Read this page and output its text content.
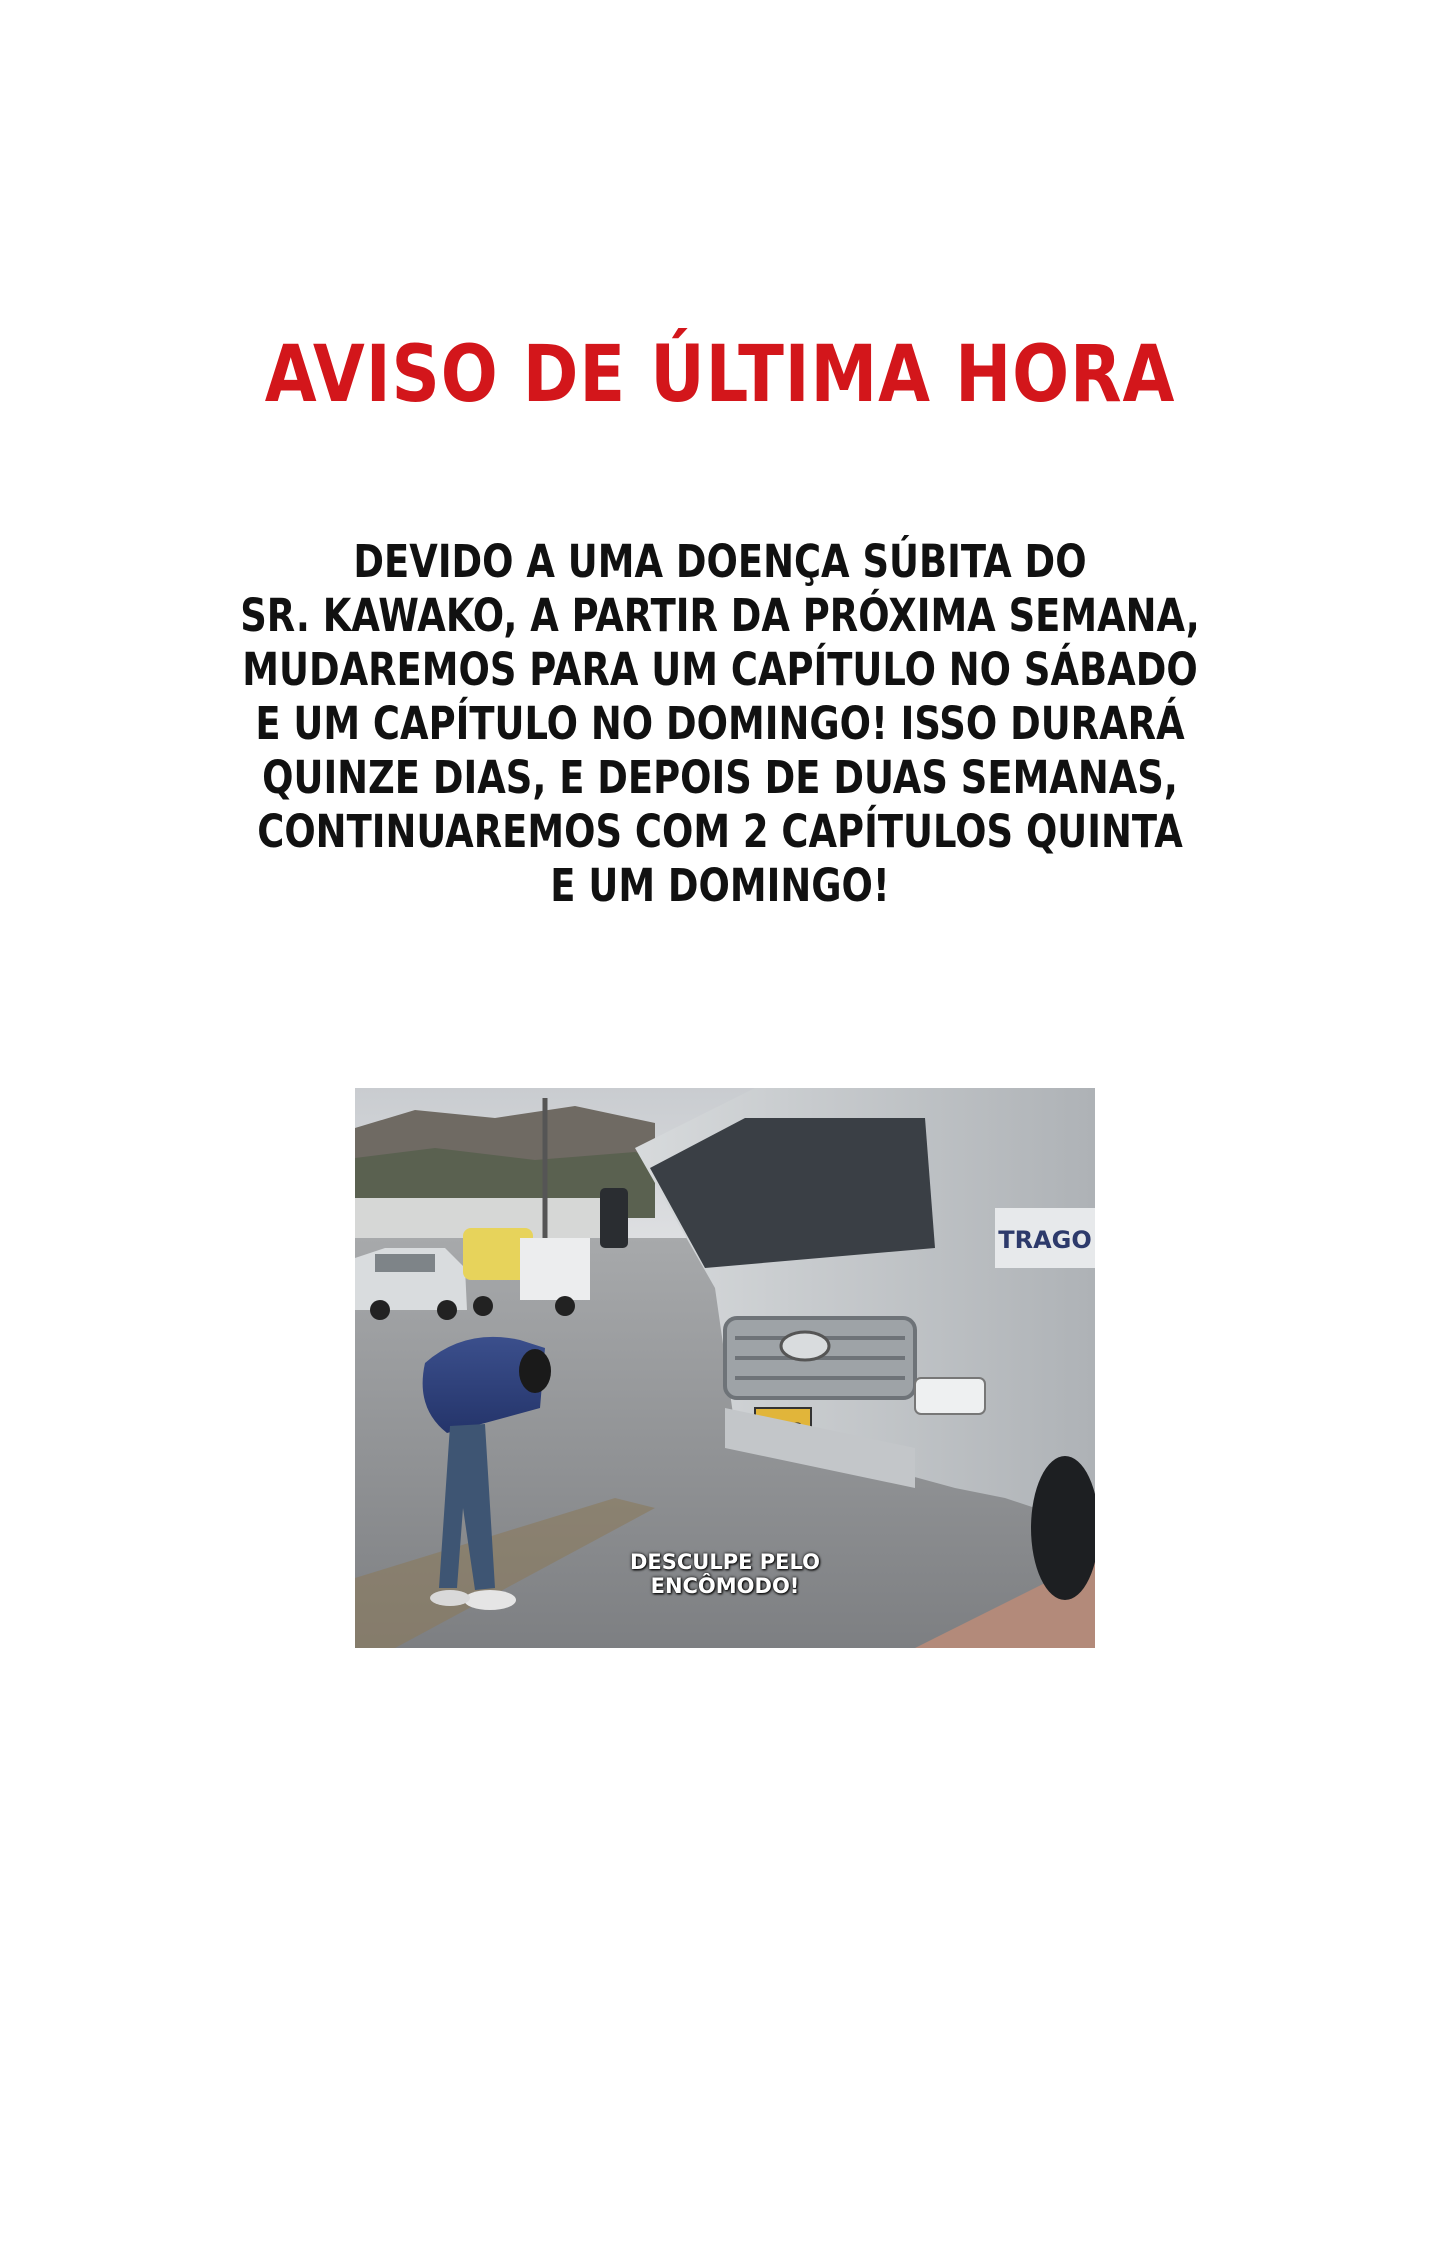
AVISO DE ÚLTIMA HORA

DEVIDO A UMA DOENÇA SÚBITA DO
SR. KAWAKO, A PARTIR DA PRÓXIMA SEMANA,
MUDAREMOS PARA UM CAPÍTULO NO SÁBADO
E UM CAPÍTULO NO DOMINGO! ISSO DURARÁ
QUINZE DIAS, E DEPOIS DE DUAS SEMANAS,
CONTINUAREMOS COM 2 CAPÍTULOS QUINTA
E UM DOMINGO!

TRAGO
DESCULPE PELO
ENCÔMODO!
